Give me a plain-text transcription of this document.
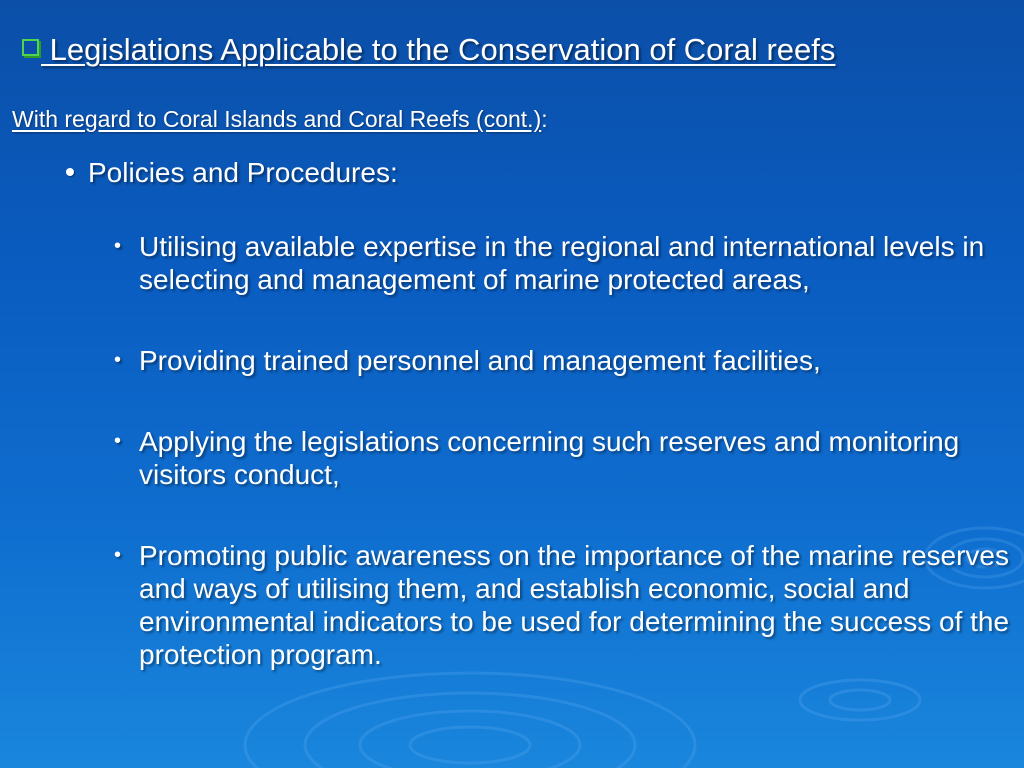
Legislations Applicable to the Conservation of Coral reefs
With regard to Coral Islands and Coral Reefs (cont.):
Policies and Procedures:
• Utilising available expertise in the regional and international levels in selecting and management of marine protected areas,
• Providing trained personnel and management facilities,
• Applying the legislations concerning such reserves and monitoring visitors conduct,
• Promoting public awareness on the importance of the marine reserves and ways of utilising them, and establish economic, social and environmental indicators to be used for determining the success of the protection program.
